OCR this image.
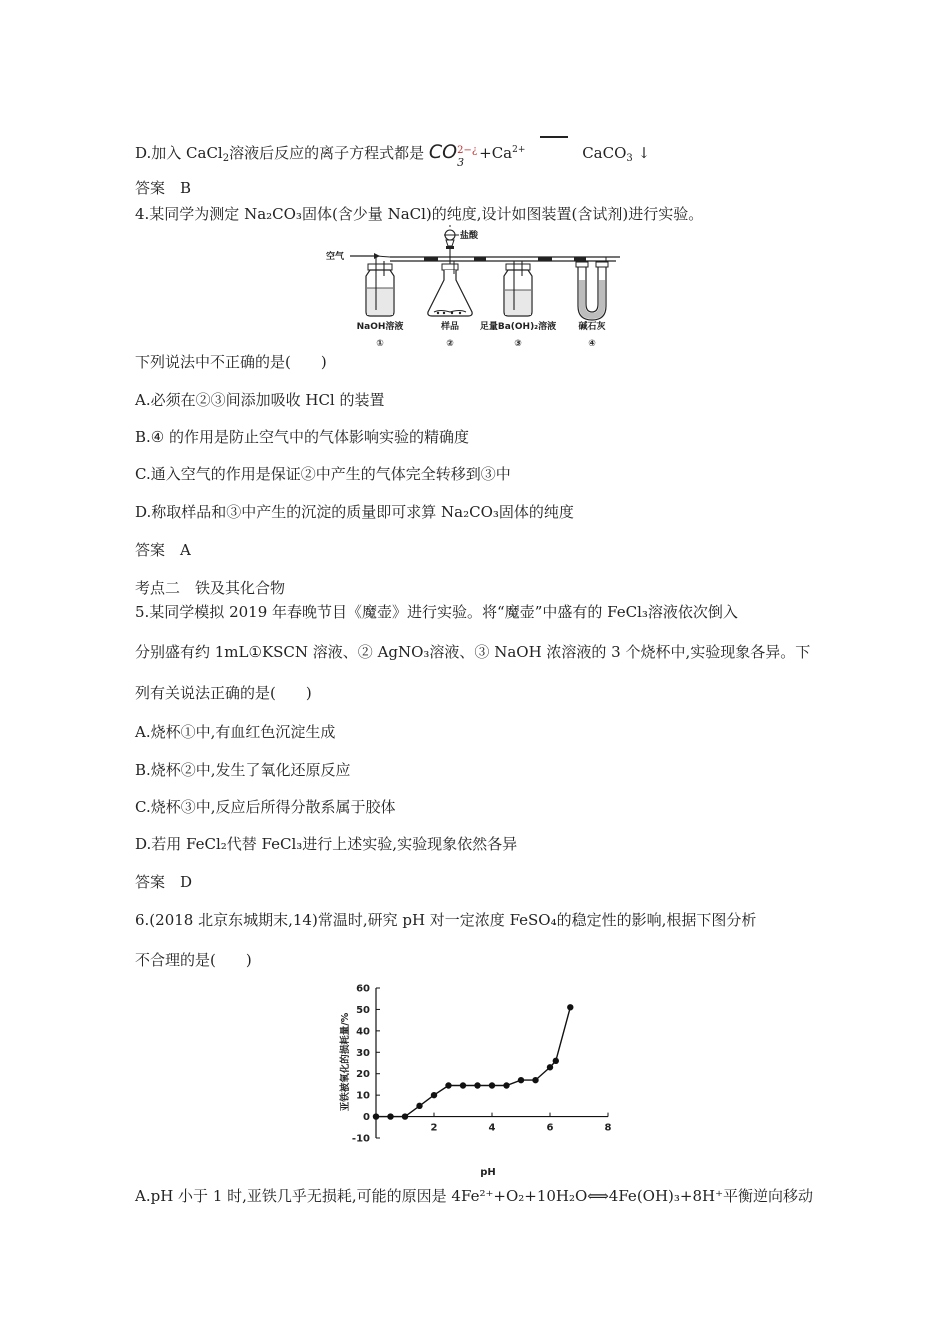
D.加入 CaCl$_2$溶液后反应的离子方程式都是 CO 2−¿
3
$+Ca^{2+}$	CaCO$_3$ ↓
答案　B
4.某同学为测定 Na₂CO₃固体(含少量 NaCl)的纯度,设计如图装置(含试剂)进行实验。
空气
盐酸
NaOH溶液	样品 足量Ba(OH)₂溶液 碱石灰
①	②	③	④
下列说法中不正确的是(　　)
A.必须在②③间添加吸收 HCl 的装置
B.④ 的作用是防止空气中的气体影响实验的精确度
C.通入空气的作用是保证②中产生的气体完全转移到③中
D.称取样品和③中产生的沉淀的质量即可求算 Na₂CO₃固体的纯度
答案　A
考点二　铁及其化合物
5.某同学模拟 2019 年春晚节目《魔壶》进行实验。将“魔壶”中盛有的 FeCl₃溶液依次倒入
分别盛有约 1mL①KSCN 溶液、② AgNO₃溶液、③ NaOH 浓溶液的 3 个烧杯中,实验现象各异。下
列有关说法正确的是(　　)
A.烧杯①中,有血红色沉淀生成
B.烧杯②中,发生了氧化还原反应
C.烧杯③中,反应后所得分散系属于胶体
D.若用 FeCl₂代替 FeCl₃进行上述实验,实验现象依然各异
答案　D
6.(2018 北京东城期末,14)常温时,研究 pH 对一定浓度 FeSO₄的稳定性的影响,根据下图分析
不合理的是(　　)
-10
0
10
20
30
40
50
60
2	4	6	8
亚铁被氧化的损耗量/%
pH
A.pH 小于 1 时,亚铁几乎无损耗,可能的原因是 4Fe²⁺+O₂+10H₂O⟺4Fe(OH)₃+8H⁺平衡逆向移动
